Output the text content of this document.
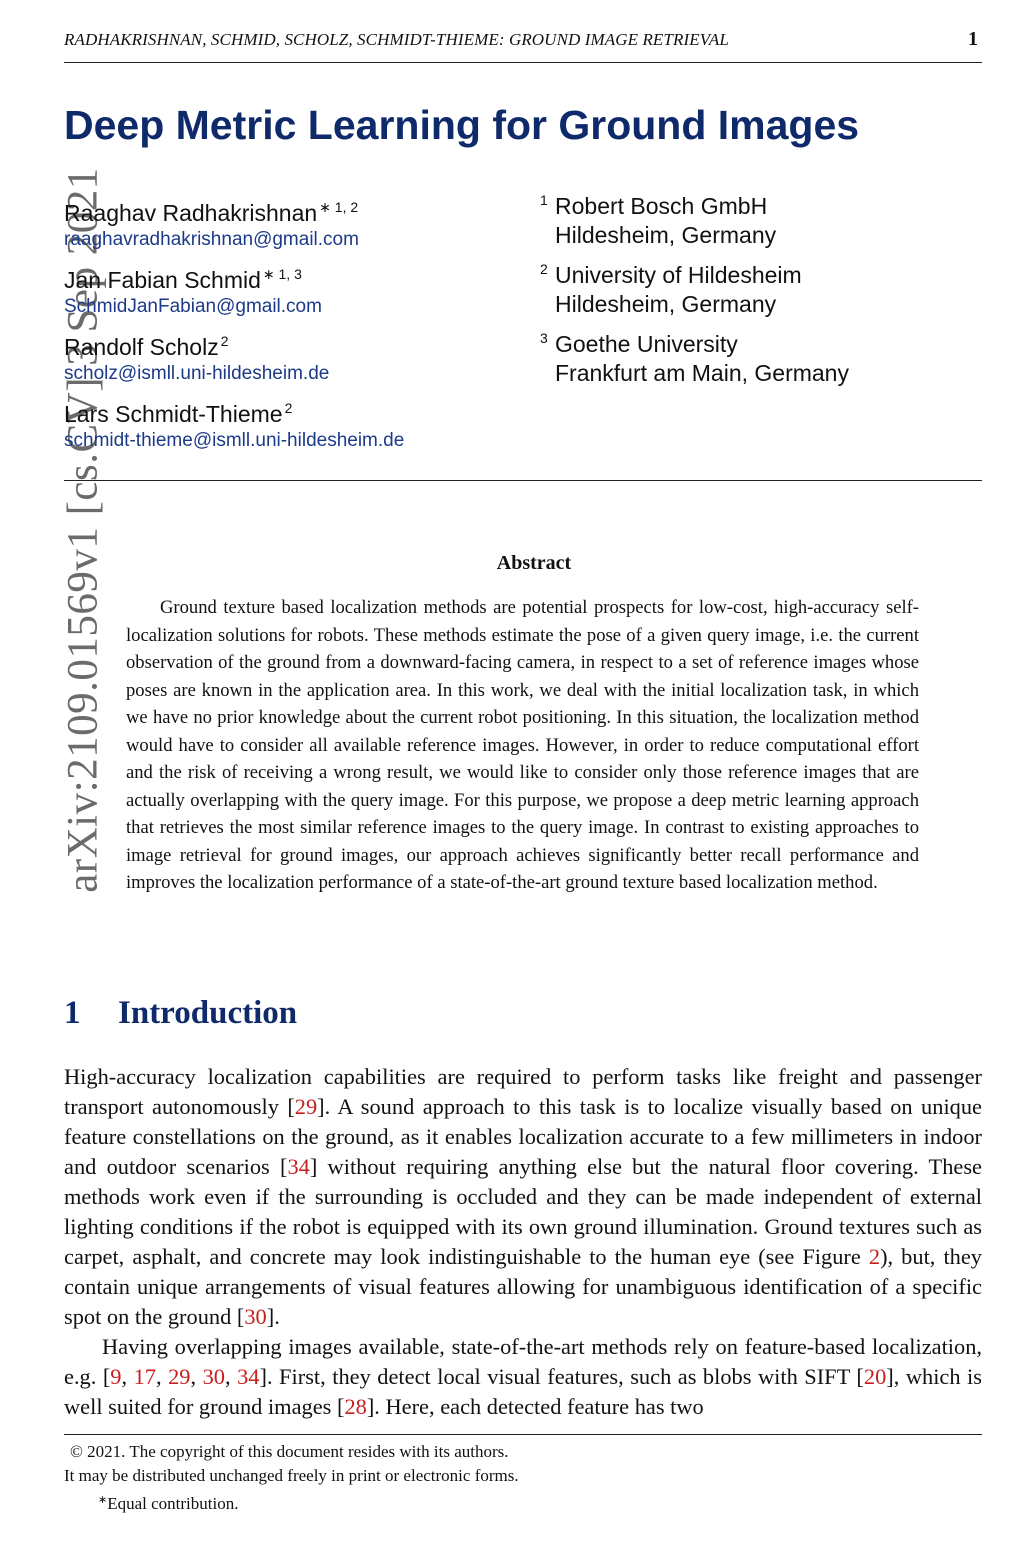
RADHAKRISHNAN, SCHMID, SCHOLZ, SCHMIDT-THIEME: GROUND IMAGE RETRIEVAL	1
arXiv:2109.01569v1 [cs.CV] 3 Sep 2021
Deep Metric Learning for Ground Images
Raaghav Radhakrishnan $^{∗ 1, 2}$
raaghavradhakrishnan@gmail.com
Jan Fabian Schmid $^{∗ 1, 3}$
SchmidJanFabian@gmail.com
Randolf Scholz $^2$
scholz@ismll.uni-hildesheim.de
Lars Schmidt-Thieme $^2$
schmidt-thieme@ismll.uni-hildesheim.de
1 Robert Bosch GmbH
Hildesheim, Germany
2 University of Hildesheim
Hildesheim, Germany
3 Goethe University
Frankfurt am Main, Germany
Abstract

Ground texture based localization methods are potential prospects for low-cost, high-accuracy self-localization solutions for robots. These methods estimate the pose of a given query image, i.e. the current observation of the ground from a downward-facing camera, in respect to a set of reference images whose poses are known in the application area. In this work, we deal with the initial localization task, in which we have no prior knowledge about the current robot positioning. In this situation, the localization method would have to consider all available reference images. However, in order to reduce computational effort and the risk of receiving a wrong result, we would like to consider only those reference images that are actually overlapping with the query image. For this purpose, we propose a deep metric learning approach that retrieves the most similar reference images to the query image. In contrast to existing approaches to image retrieval for ground images, our approach achieves significantly better recall performance and improves the localization performance of a state-of-the-art ground texture based localization method.

1 Introduction

High-accuracy localization capabilities are required to perform tasks like freight and passenger transport autonomously [29]. A sound approach to this task is to localize visually based on unique feature constellations on the ground, as it enables localization accurate to a few millimeters in indoor and outdoor scenarios [34] without requiring anything else but the natural floor covering. These methods work even if the surrounding is occluded and they can be made independent of external lighting conditions if the robot is equipped with its own ground illumination. Ground textures such as carpet, asphalt, and concrete may look indistinguishable to the human eye (see Figure 2), but, they contain unique arrangements of visual features allowing for unambiguous identification of a specific spot on the ground [30].

Having overlapping images available, state-of-the-art methods rely on feature-based localization, e.g. [9, 17, 29, 30, 34]. First, they detect local visual features, such as blobs with SIFT [20], which is well suited for ground images [28]. Here, each detected feature has two

© 2021. The copyright of this document resides with its authors.
It may be distributed unchanged freely in print or electronic forms.
∗Equal contribution.
